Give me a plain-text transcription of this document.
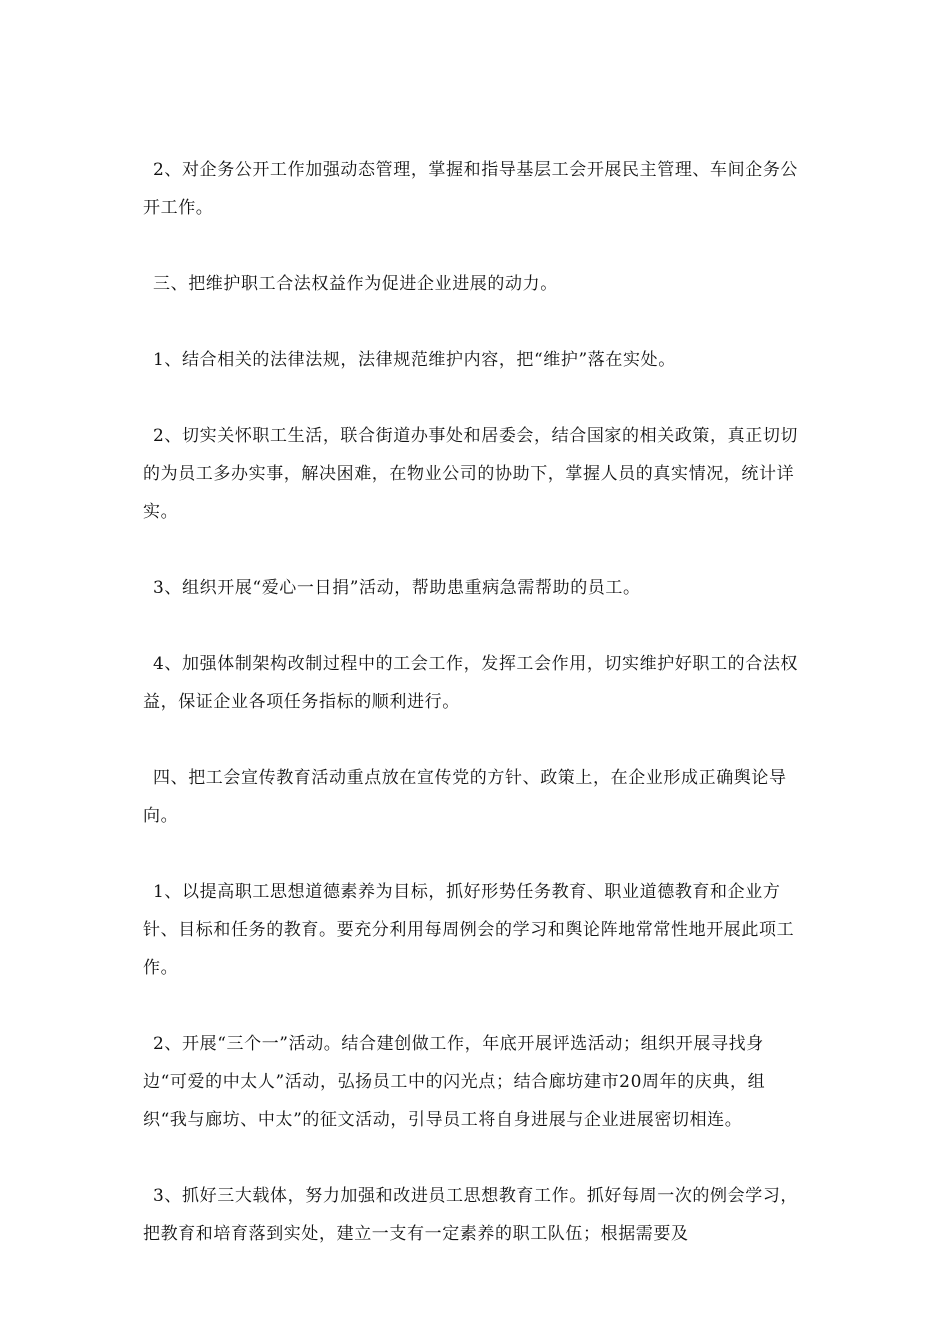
2、对企务公开工作加强动态管理，掌握和指导基层工会开展民主管理、车间企务公开工作。

三、把维护职工合法权益作为促进企业进展的动力。

1、结合相关的法律法规，法律规范维护内容，把“维护”落在实处。

2、切实关怀职工生活，联合街道办事处和居委会，结合国家的相关政策，真正切切的为员工多办实事，解决困难，在物业公司的协助下，掌握人员的真实情况，统计详实。

3、组织开展“爱心一日捐”活动，帮助患重病急需帮助的员工。

4、加强体制架构改制过程中的工会工作，发挥工会作用，切实维护好职工的合法权益，保证企业各项任务指标的顺利进行。

四、把工会宣传教育活动重点放在宣传党的方针、政策上，在企业形成正确舆论导向。

1、以提高职工思想道德素养为目标，抓好形势任务教育、职业道德教育和企业方针、目标和任务的教育。要充分利用每周例会的学习和舆论阵地常常性地开展此项工作。

2、开展“三个一”活动。结合建创做工作，年底开展评选活动；组织开展寻找身边“可爱的中太人”活动，弘扬员工中的闪光点；结合廊坊建市20周年的庆典，组织“我与廊坊、中太”的征文活动，引导员工将自身进展与企业进展密切相连。

3、抓好三大载体，努力加强和改进员工思想教育工作。抓好每周一次的例会学习，把教育和培育落到实处，建立一支有一定素养的职工队伍；根据需要及
